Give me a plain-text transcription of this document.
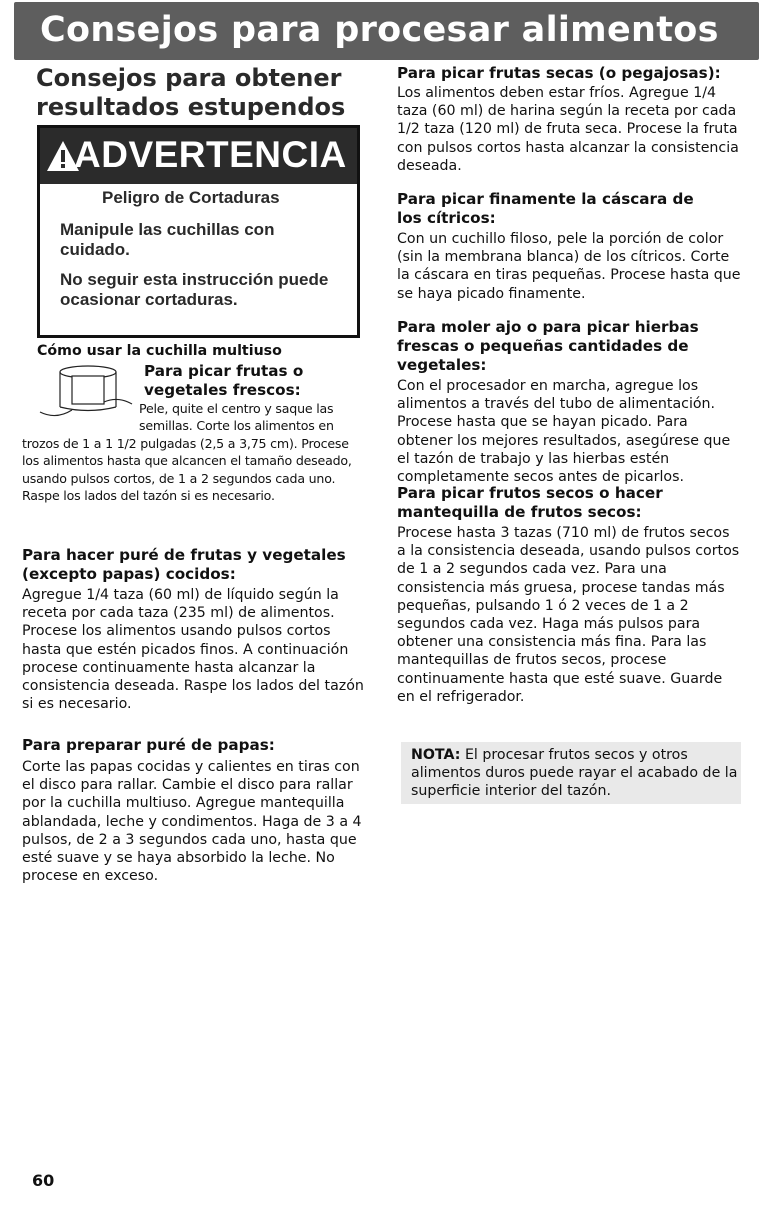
Consejos para procesar alimentos
Consejos para obtener resultados estupendos
ADVERTENCIA
Peligro de Cortaduras
Manipule las cuchillas con cuidado.
No seguir esta instrucción puede ocasionar cortaduras.
Cómo usar la cuchilla multiuso
Para picar frutas o vegetales frescos:
Pele, quite el centro y saque las semillas. Corte los alimentos en
trozos de 1 a 1 1/2 pulgadas (2,5 a 3,75 cm). Procese los alimentos hasta que alcancen el tamaño deseado, usando pulsos cortos, de 1 a 2 segundos cada uno. Raspe los lados del tazón si es necesario.
Para hacer puré de frutas y vegetales (excepto papas) cocidos:
Agregue 1/4 taza (60 ml) de líquido según la receta por cada taza (235 ml) de alimentos. Procese los alimentos usando pulsos cortos hasta que estén picados finos. A continuación procese continuamente hasta alcanzar la consistencia deseada. Raspe los lados del tazón si es necesario.
Para preparar puré de papas:
Corte las papas cocidas y calientes en tiras con el disco para rallar. Cambie el disco para rallar por la cuchilla multiuso. Agregue mantequilla ablandada, leche y condimentos. Haga de 3 a 4 pulsos, de 2 a 3 segundos cada uno, hasta que esté suave y se haya absorbido la leche. No procese en exceso.
Para picar frutas secas (o pegajosas):
Los alimentos deben estar fríos. Agregue 1/4 taza (60 ml) de harina según la receta por cada 1/2 taza (120 ml) de fruta seca. Procese la fruta con pulsos cortos hasta alcanzar la consistencia deseada.
Para picar finamente la cáscara de los cítricos:
Con un cuchillo filoso, pele la porción de color (sin la membrana blanca) de los cítricos. Corte la cáscara en tiras pequeñas. Procese hasta que se haya picado finamente.
Para moler ajo o para picar hierbas frescas o pequeñas cantidades de vegetales:
Con el procesador en marcha, agregue los alimentos a través del tubo de alimentación. Procese hasta que se hayan picado. Para obtener los mejores resultados, asegúrese que el tazón de trabajo y las hierbas estén completamente secos antes de picarlos.
Para picar frutos secos o hacer mantequilla de frutos secos:
Procese hasta 3 tazas (710 ml) de frutos secos a la consistencia deseada, usando pulsos cortos de 1 a 2 segundos cada vez. Para una consistencia más gruesa, procese tandas más pequeñas, pulsando 1 ó 2 veces de 1 a 2 segundos cada vez. Haga más pulsos para obtener una consistencia más fina. Para las mantequillas de frutos secos, procese continuamente hasta que esté suave. Guarde en el refrigerador.
NOTA: El procesar frutos secos y otros alimentos duros puede rayar el acabado de la superficie interior del tazón.
60
